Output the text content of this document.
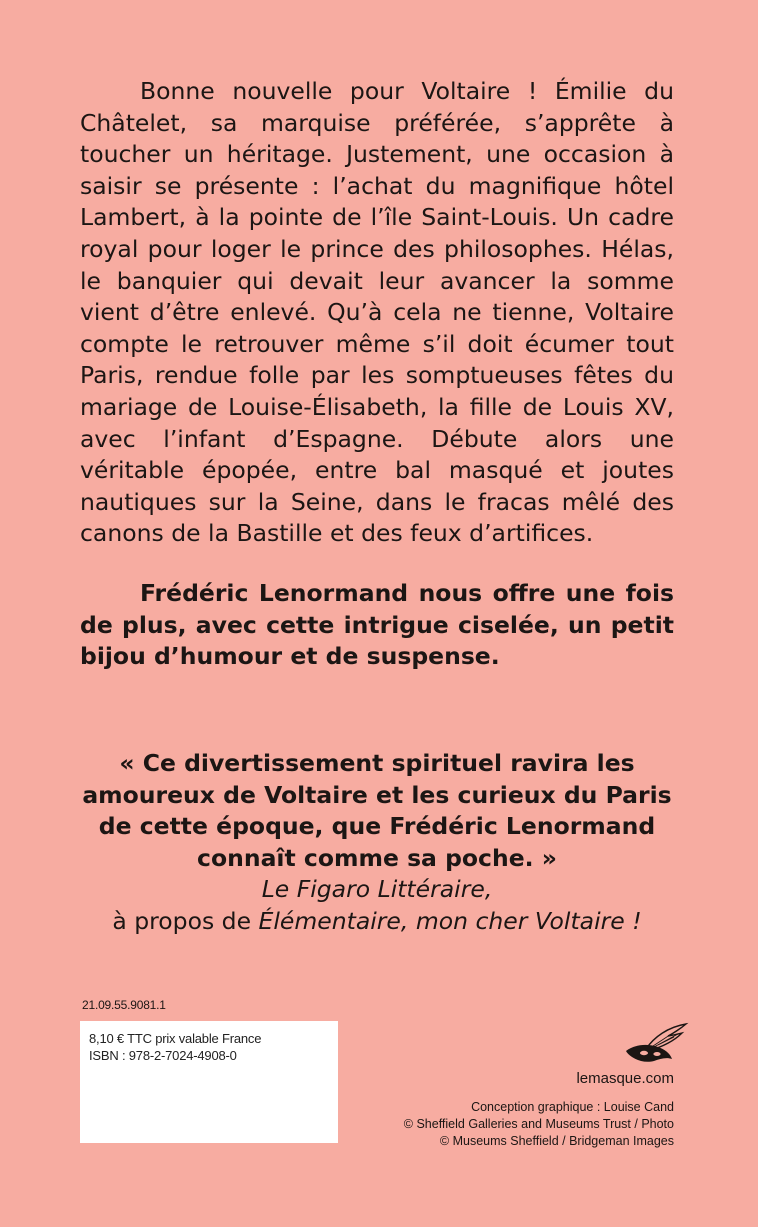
Bonne nouvelle pour Voltaire ! Émilie du Châtelet, sa marquise préférée, s’apprête à toucher un héritage. Justement, une occasion à saisir se présente : l’achat du magnifique hôtel Lambert, à la pointe de l’île Saint-Louis. Un cadre royal pour loger le prince des philosophes. Hélas, le banquier qui devait leur avancer la somme vient d’être enlevé. Qu’à cela ne tienne, Voltaire compte le retrouver même s’il doit écumer tout Paris, rendue folle par les somptueuses fêtes du mariage de Louise-Élisabeth, la fille de Louis XV, avec l’infant d’Espagne. Débute alors une véritable épopée, entre bal masqué et joutes nautiques sur la Seine, dans le fracas mêlé des canons de la Bastille et des feux d’artifices.

Frédéric Lenormand nous offre une fois de plus, avec cette intrigue ciselée, un petit bijou d’humour et de suspense.

« Ce divertissement spirituel ravira les amoureux de Voltaire et les curieux du Paris de cette époque, que Frédéric Lenormand connaît comme sa poche. »

Le Figaro Littéraire,
à propos de Élémentaire, mon cher Voltaire !
21.09.55.9081.1
8,10 € TTC prix valable France
ISBN : 978-2-7024-4908-0
lemasque.com
Conception graphique : Louise Cand
© Sheffield Galleries and Museums Trust / Photo
© Museums Sheffield / Bridgeman Images
